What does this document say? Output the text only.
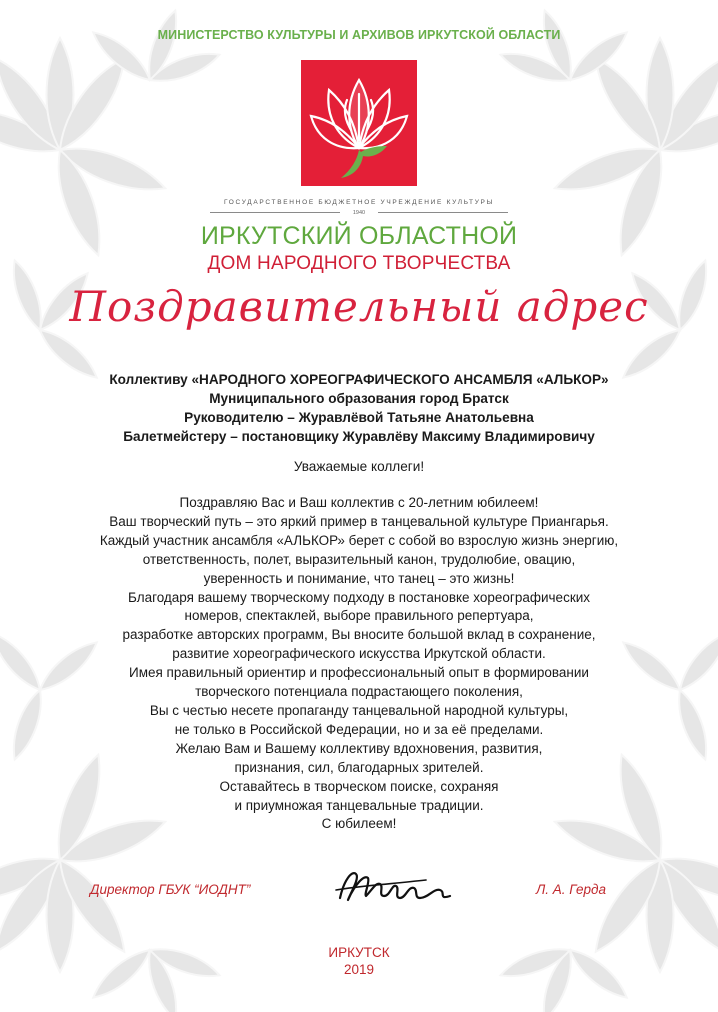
МИНИСТЕРСТВО КУЛЬТУРЫ И АРХИВОВ ИРКУТСКОЙ ОБЛАСТИ
ГОСУДАРСТВЕННОЕ БЮДЖЕТНОЕ УЧРЕЖДЕНИЕ КУЛЬТУРЫ
1940
ИРКУТСКИЙ ОБЛАСТНОЙ
ДОМ НАРОДНОГО ТВОРЧЕСТВА
Поздравительный адрес
Коллективу «НАРОДНОГО ХОРЕОГРАФИЧЕСКОГО АНСАМБЛЯ «АЛЬКОР»
Муниципального образования город Братск
Руководителю – Журавлёвой Татьяне Анатольевна
Балетмейстеру – постановщику Журавлёву Максиму Владимировичу
Уважаемые коллеги!
Поздравляю Вас и Ваш коллектив с 20-летним юбилеем!
Ваш творческий путь – это яркий пример в танцевальной культуре Приангарья.
Каждый участник ансамбля «АЛЬКОР» берет с собой во взрослую жизнь энергию,
ответственность, полет, выразительный канон, трудолюбие, овацию,
уверенность и понимание, что танец – это жизнь!
Благодаря вашему творческому подходу в постановке хореографических
номеров, спектаклей, выборе правильного репертуара,
разработке авторских программ, Вы вносите большой вклад в сохранение,
развитие хореографического искусства Иркутской области.
Имея правильный ориентир и профессиональный опыт в формировании
творческого потенциала подрастающего поколения,
Вы с честью несете пропаганду танцевальной народной культуры,
не только в Российской Федерации, но и за её пределами.
Желаю Вам и Вашему коллективу вдохновения, развития,
признания, сил, благодарных зрителей.
Оставайтесь в творческом поиске, сохраняя
и приумножая танцевальные традиции.
С юбилеем!
Директор ГБУК “ИОДНТ”	Л. А. Герда
ИРКУТСК
2019
